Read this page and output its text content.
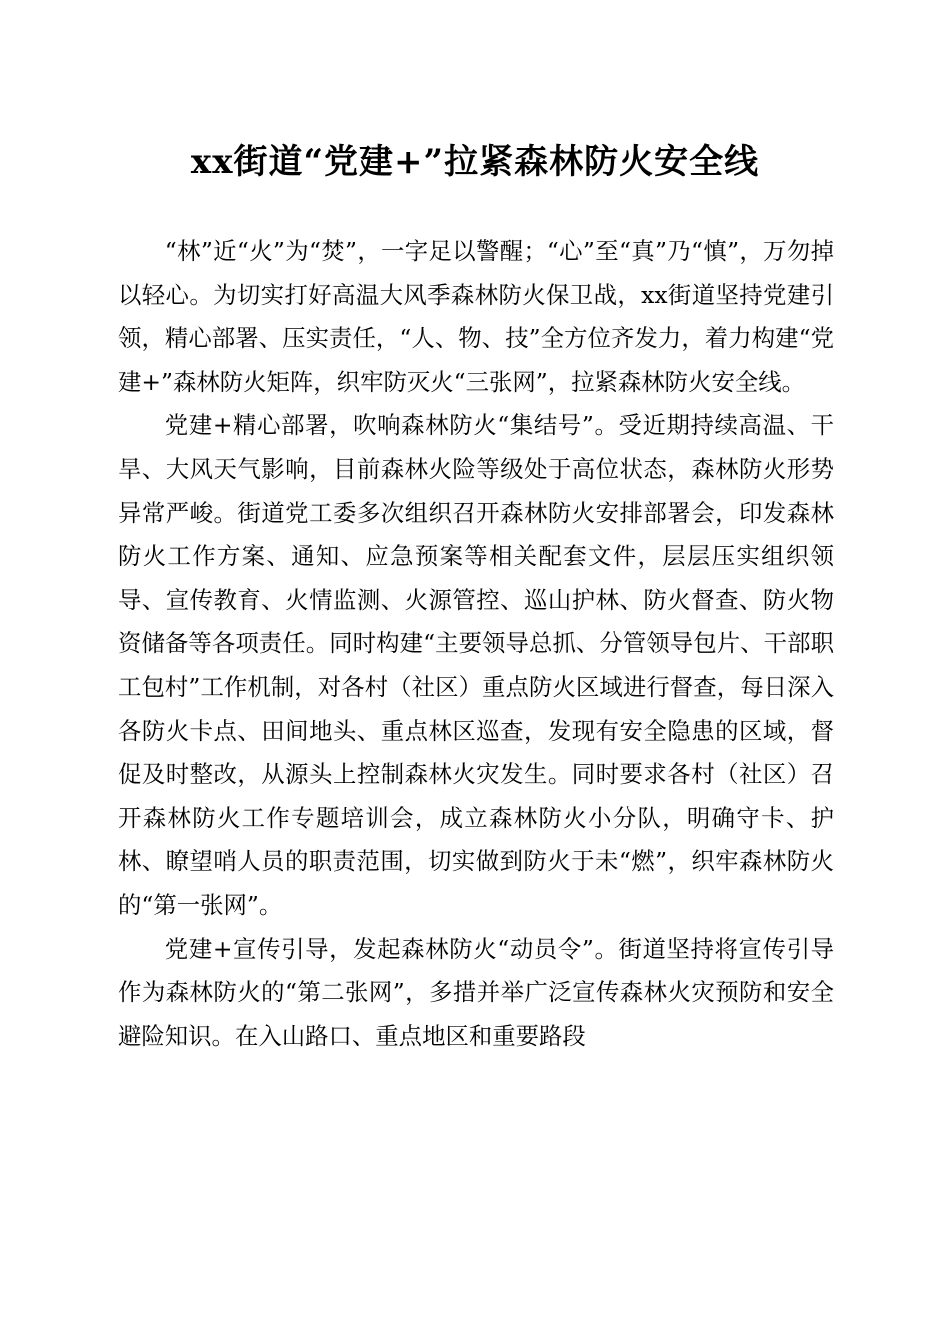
xx街道“党建+”拉紧森林防火安全线

“林”近“火”为“焚”，一字足以警醒；“心”至“真”乃“慎”，万勿掉以轻心。为切实打好高温大风季森林防火保卫战，xx街道坚持党建引领，精心部署、压实责任，“人、物、技”全方位齐发力，着力构建“党建+”森林防火矩阵，织牢防灭火“三张网”，拉紧森林防火安全线。

党建+精心部署，吹响森林防火“集结号”。受近期持续高温、干旱、大风天气影响，目前森林火险等级处于高位状态，森林防火形势异常严峻。街道党工委多次组织召开森林防火安排部署会，印发森林防火工作方案、通知、应急预案等相关配套文件，层层压实组织领导、宣传教育、火情监测、火源管控、巡山护林、防火督查、防火物资储备等各项责任。同时构建“主要领导总抓、分管领导包片、干部职工包村”工作机制，对各村（社区）重点防火区域进行督查，每日深入各防火卡点、田间地头、重点林区巡查，发现有安全隐患的区域，督促及时整改，从源头上控制森林火灾发生。同时要求各村（社区）召开森林防火工作专题培训会，成立森林防火小分队，明确守卡、护林、瞭望哨人员的职责范围，切实做到防火于未“燃”，织牢森林防火的“第一张网”。

党建+宣传引导，发起森林防火“动员令”。街道坚持将宣传引导作为森林防火的“第二张网”，多措并举广泛宣传森林火灾预防和安全避险知识。在入山路口、重点地区和重要路段
